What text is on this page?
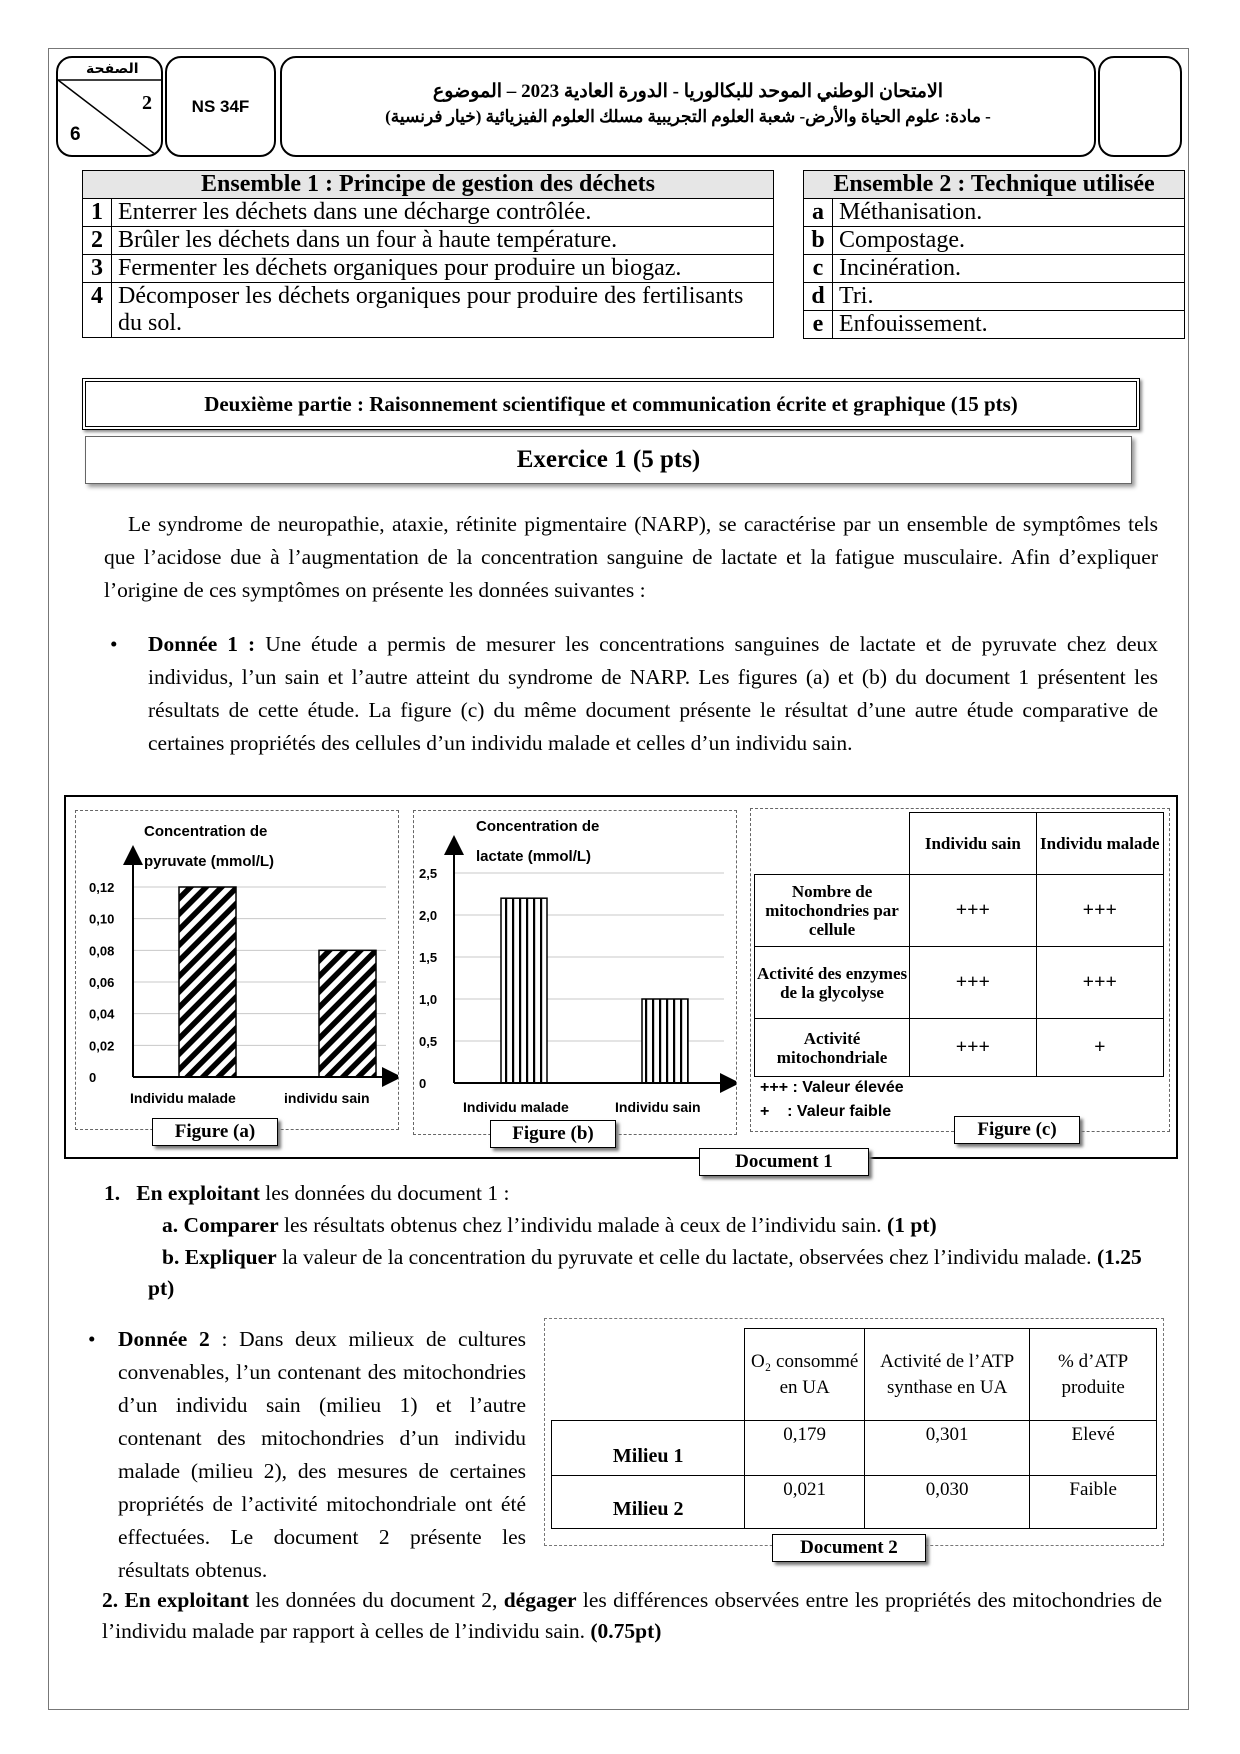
الصفحة
2
6
NS 34F
الامتحان الوطني الموحد للبكالوريا - الدورة العادية 2023 – الموضوع
- مادة: علوم الحياة والأرض- شعبة العلوم التجريبية مسلك العلوم الفيزيائية (خيار فرنسية)
Ensemble 1 : Principe de gestion des déchets	
1	Enterrer les déchets dans une décharge contrôlée.
2	Brûler les déchets dans un four à haute température.
3	Fermenter les déchets organiques pour produire un biogaz.
4	Décomposer les déchets organiques pour produire des fertilisants du sol.
Ensemble 2 : Technique utilisée	
a	Méthanisation.
b	Compostage.
c	Incinération.
d	Tri.
e	Enfouissement.
Deuxième partie : Raisonnement scientifique et communication écrite et graphique (15 pts)
Exercice 1 (5 pts)
Le syndrome de neuropathie, ataxie, rétinite pigmentaire (NARP), se caractérise par un ensemble de symptômes tels que l’acidose due à l’augmentation de la concentration sanguine de lactate et la fatigue musculaire. Afin d’expliquer l’origine de ces symptômes on présente les données suivantes :
• Donnée 1 : Une étude a permis de mesurer les concentrations sanguines de lactate et de pyruvate chez deux individus, l’un sain et l’autre atteint du syndrome de NARP. Les figures (a) et (b) du document 1 présentent les résultats de cette étude. La figure (c) du même document présente le résultat d’une autre étude comparative de certaines propriétés des cellules d’un individu malade et celles d’un individu sain.
0
0,02
0,04
0,06
0,08
0,10
0,12
Concentration de
pyruvate (mmol/L)
Individu malade	individu sain
Figure (a)
0
0,5
1,0
1,5
2,0
2,5
Concentration de
lactate (mmol/L)
Individu malade	Individu sain
Figure (b)
	Individu sain	Individu malade
Nombre de mitochondries par cellule	+++	+++
Activité des enzymes de la glycolyse	+++	+++
Activité mitochondriale	+++	+
+++ : Valeur élevée
+    : Valeur faible
Figure (c)
Document 1
1. En exploitant les données du document 1 :
a. Comparer les résultats obtenus chez l’individu malade à ceux de l’individu sain. (1 pt)
b. Expliquer la valeur de la concentration du pyruvate et celle du lactate, observées chez l’individu malade. (1.25 pt)
• Donnée 2 : Dans deux milieux de cultures convenables, l’un contenant des mitochondries d’un individu sain (milieu 1) et l’autre contenant des mitochondries d’un individu malade (milieu 2), des mesures de certaines propriétés de l’activité mitochondriale ont été effectuées. Le document 2 présente les résultats obtenus.
	O₂ consommé en UA	Activité de l’ATP synthase en UA	% d’ATP produite
Milieu 1	0,179	0,301	Elevé
Milieu 2	0,021	0,030	Faible
Document 2
2. En exploitant les données du document 2, dégager les différences observées entre les propriétés des mitochondries de l’individu malade par rapport à celles de l’individu sain. (0.75pt)
